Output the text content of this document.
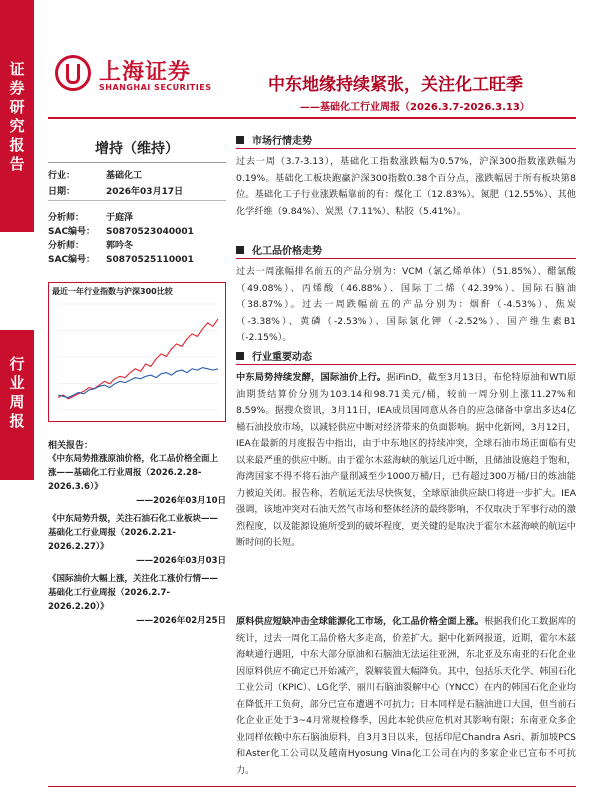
证券研究报告
行业周报
上海证券
SHANGHAI SECURITIES	中东地缘持续紧张，关注化工旺季
——基础化工行业周报（2026.3.7-2026.3.13）
增持（维持）
行业：	基础化工
日期：	2026年03月17日
分析师： 于庭泽
SAC编号： S0870523040001
分析师： 郭吟冬
SAC编号： S0870525110001
最近一年行业指数与沪深300比较
相关报告：
《中东局势推涨原油价格，化工品价格全面上涨——基础化工行业周报（2026.2.28-2026.3.6）》
——2026年03月10日
《中东局势升级，关注石油石化工业板块——基础化工行业周报（2026.2.21-2026.2.27）》
——2026年03月03日
《国际油价大幅上涨，关注化工涨价行情——基础化工行业周报（2026.2.7-2026.2.20）》
——2026年02月25日
市场行情走势
过去一周（3.7-3.13），基础化工指数涨跌幅为0.57%，沪深300指数涨跌幅为0.19%。基础化工板块跑赢沪深300指数0.38个百分点，涨跌幅居于所有板块第8位。基础化工子行业涨跌幅靠前的有：煤化工（12.83%）、氮肥（12.55%）、其他化学纤维（9.84%）、炭黑（7.11%）、粘胶（5.41%）。
化工品价格走势
过去一周涨幅排名前五的产品分别为：VCM（氯乙烯单体）（51.85%）、醋氯酸（49.08%）、丙烯酸（46.88%）、国际丁二烯（42.39%）、国际石脑油（38.87%）。过去一周跌幅前五的产品分别为：烟酐（-4.53%）、焦炭（-3.38%）、黄磷（-2.53%）、国际氯化钾（-2.52%）、国产维生素B1（-2.15%）。
行业重要动态
中东局势持续发酵，国际油价上行。据iFinD，截至3月13日，布伦特原油和WTI原油期货结算价分别为103.14和98.71美元/桶，较前一周分别上涨11.27%和8.59%。据搜众资讯，3月11日，IEA成员国同意从各自的应急储备中拿出多达4亿桶石油投放市场，以减轻供应中断对经济带来的负面影响。据中化新网，3月12日，IEA在最新的月度报告中指出，由于中东地区的持续冲突，全球石油市场正面临有史以来最严重的供应中断。由于霍尔木兹海峡的航运几近中断，且储油设施趋于饱和，海湾国家不得不将石油产量削减至少1000万桶/日，已有超过300万桶/日的炼油能力被迫关闭。报告称，若航运无法尽快恢复，全球原油供应缺口将进一步扩大。IEA强调，该地冲突对石油天然气市场和整体经济的最终影响，不仅取决于军事行动的激烈程度，以及能源设施所受到的破坏程度，更关键的是取决于霍尔木兹海峡的航运中断时间的长短。
原料供应短缺冲击全球能源化工市场，化工品价格全面上涨。根据我们化工数据库的统计，过去一周化工品价格大多走高，价差扩大。据中化新网报道，近期，霍尔木兹海峡通行遇阻，中东大部分原油和石脑油无法运往亚洲，东北亚及东南亚的石化企业因原料供应不确定已开始减产，裂解装置大幅降负。其中，包括乐天化学、韩国石化工业公司（KPIC）、LG化学、丽川石脑油裂解中心（YNCC）在内的韩国石化企业均在降低开工负荷，部分已宣布遭遇不可抗力；日本同样是石脑油进口大国，但当前石化企业正处于3~4月常规检修季，因此本轮供应危机对其影响有限；东南亚众多企业同样依赖中东石脑油原料，自3月3日以来，包括印尼Chandra Asri、新加坡PCS和Aster化工公司以及越南Hyosung Vina化工公司在内的多家企业已宣布不可抗力。
